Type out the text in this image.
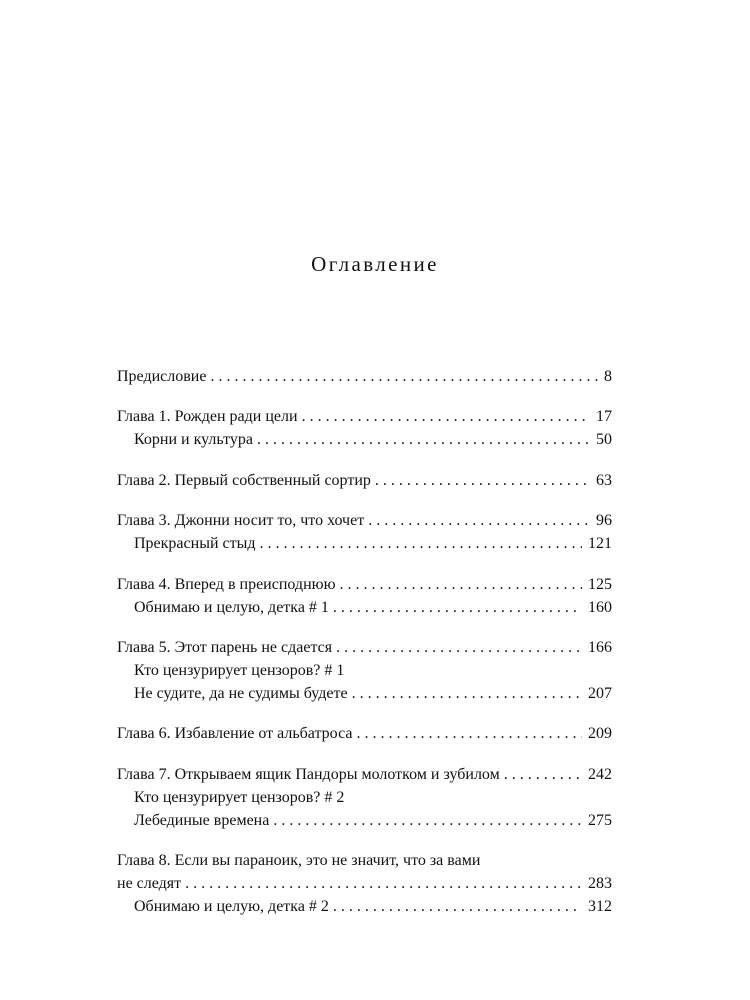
Оглавление
Предисловие . . .	8
Глава 1. Рожден ради цели . . .	17
Корни и культура . . .	50
Глава 2. Первый собственный сортир . . .	63
Глава 3. Джонни носит то, что хочет . . .	96
Прекрасный стыд . . .	121
Глава 4. Вперед в преисподнюю . . .	125
Обнимаю и целую, детка # 1 . . .	160
Глава 5. Этот парень не сдается . . .	166
Кто цензурирует цензоров? # 1
Не судите, да не судимы будете . . .	207
Глава 6. Избавление от альбатроса . . .	209
Глава 7. Открываем ящик Пандоры молотком и зубилом . . .	242
Кто цензурирует цензоров? # 2
Лебединые времена . . .	275
Глава 8. Если вы параноик, это не значит, что за вами
не следят . . .	283
Обнимаю и целую, детка # 2 . . .	312
